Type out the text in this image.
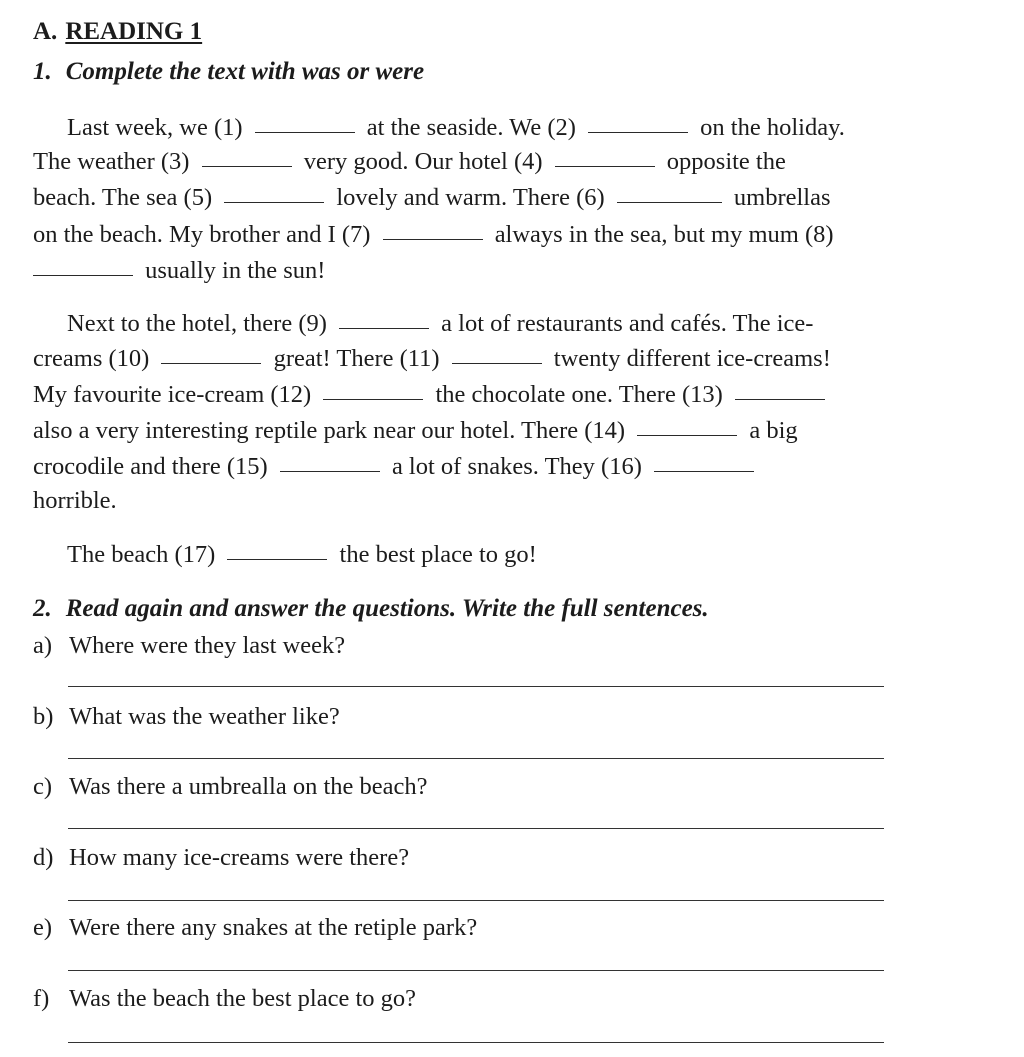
A. READING 1
1. Complete the text with was or were
Last week, we (1)	at the seaside. We (2)	on the holiday.
The weather (3)	very good. Our hotel (4)	opposite the
beach. The sea (5)	lovely and warm. There (6)	umbrellas
on the beach. My brother and I (7)	always in the sea, but my mum (8)
usually in the sun!
Next to the hotel, there (9)	a lot of restaurants and cafés. The ice-
creams (10)	great! There (11)	twenty different ice-creams!
My favourite ice-cream (12)	the chocolate one. There (13)
also a very interesting reptile park near our hotel. There (14)	a big
crocodile and there (15)	a lot of snakes. They (16)
horrible.
The beach (17)	the best place to go!
2. Read again and answer the questions. Write the full sentences.
a) Where were they last week?
b) What was the weather like?
c) Was there a umbrealla on the beach?
d) How many ice-creams were there?
e) Were there any snakes at the retiple park?
f) Was the beach the best place to go?
